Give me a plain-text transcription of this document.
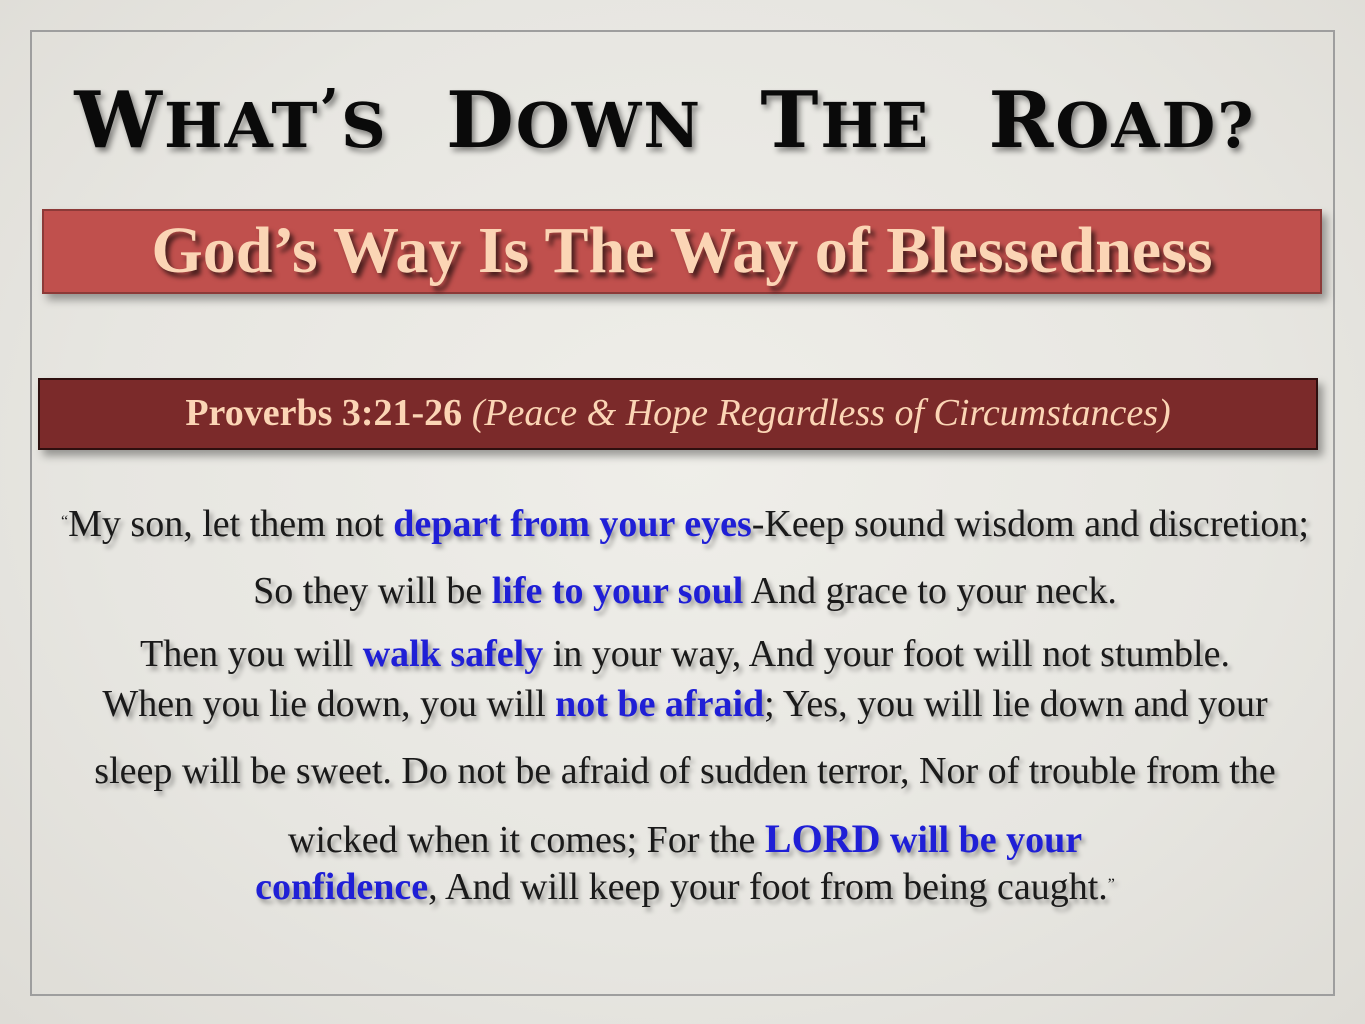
WHAT’S DOWN THE ROAD?
God’s Way Is The Way of Blessedness
Proverbs 3:21-26 (Peace & Hope Regardless of Circumstances)

“My son, let them not depart from your eyes-Keep sound wisdom and discretion; So they will be life to your soul And grace to your neck.

Then you will walk safely in your way, And your foot will not stumble.

When you lie down, you will not be afraid; Yes, you will lie down and your sleep will be sweet. Do not be afraid of sudden terror, Nor of trouble from the wicked when it comes; For the LORD will be your

confidence, And will keep your foot from being caught.”
